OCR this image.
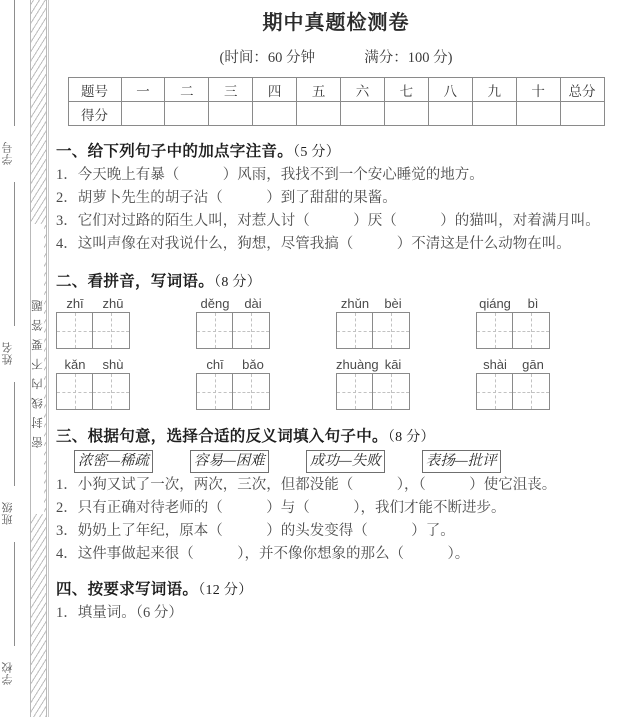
学号
姓名
班级
学校
密封线内不要答题
期中真题检测卷
(时间：60 分钟	满分：100 分)
题号	一	二	三	四	五	六	七	八	九	十	总分
得分											
一、给下列句子中的加点字注音。（5 分）

1．今天晚上有暴（　　　）风雨，我找不到一个安心睡觉的地方。

2．胡萝卜先生的胡子沾（　　　）到了甜甜的果酱。

3．它们对过路的陌生人叫，对惹人讨（　　　）厌（　　　）的猫叫，对着满月叫。

4．这叫声像在对我说什么，狗想，尽管我搞（　　　）不清这是什么动物在叫。

二、看拼音，写词语。（8 分）
zhī	zhū	děng	dài	zhǔn	bèi	qiáng	bì
kǎn	shù	chī	bǎo	zhuàng kāi	shài	gān
三、根据句意，选择合适的反义词填入句子中。（8 分）
浓密—稀疏	容易—困难	成功—失败	表扬—批评

1．小狗又试了一次，两次，三次，但都没能（　　　），（　　　）使它沮丧。

2．只有正确对待老师的（　　　）与（　　　），我们才能不断进步。

3．奶奶上了年纪，原本（　　　）的头发变得（　　　）了。

4．这件事做起来很（　　　），并不像你想象的那么（　　　）。

四、按要求写词语。（12 分）

1．填量词。（6 分）
